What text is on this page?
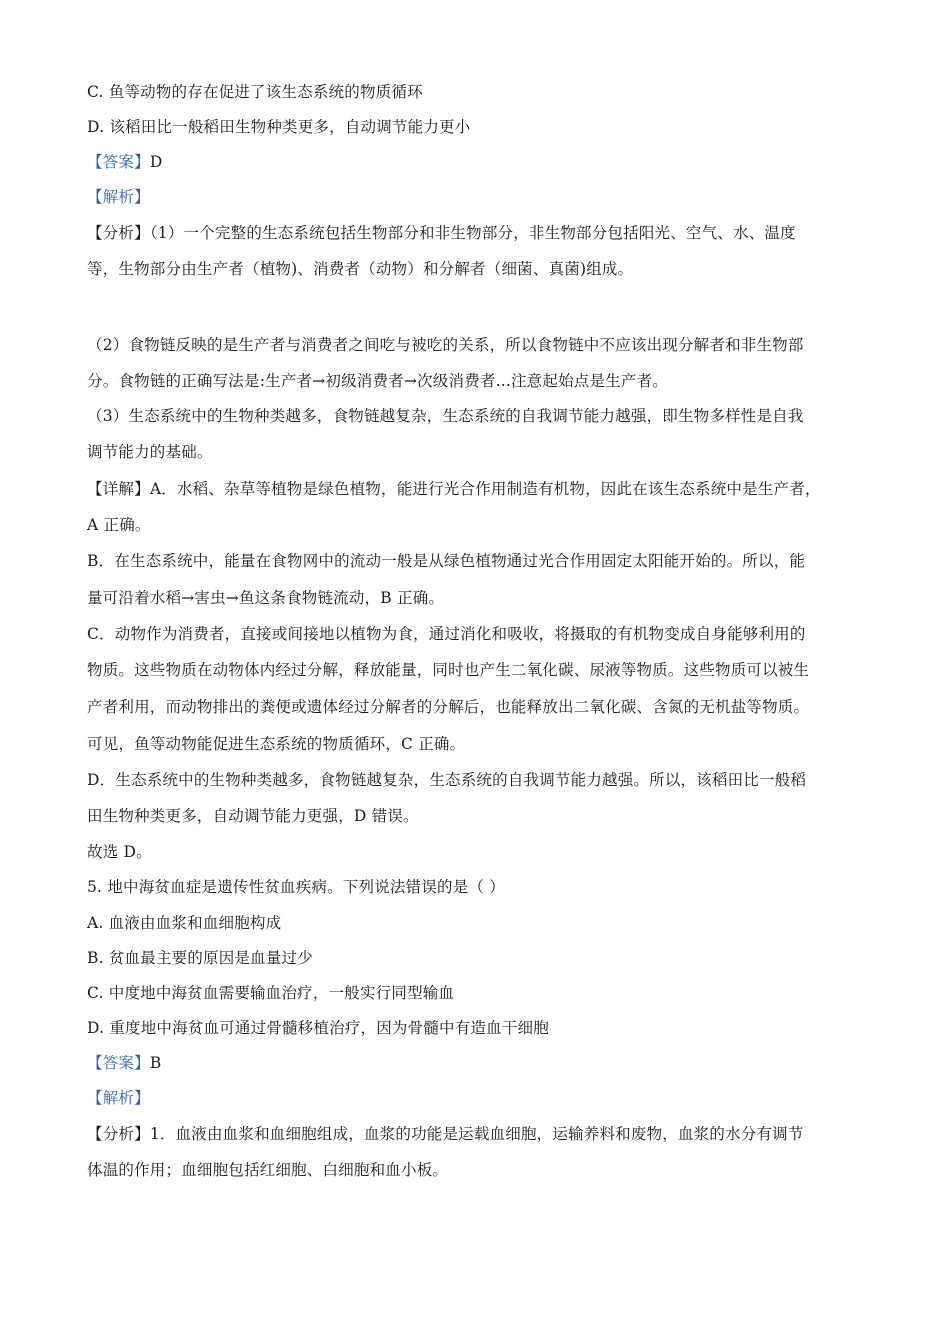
C. 鱼等动物的存在促进了该生态系统的物质循环
D. 该稻田比一般稻田生物种类更多，自动调节能力更小
【答案】D
【解析】
【分析】（1）一个完整的生态系统包括生物部分和非生物部分，非生物部分包括阳光、空气、水、温度
等，生物部分由生产者（植物)、消费者（动物）和分解者（细菌、真菌)组成。
（2）食物链反映的是生产者与消费者之间吃与被吃的关系，所以食物链中不应该出现分解者和非生物部
分。食物链的正确写法是:生产者→初级消费者→次级消费者...注意起始点是生产者。
（3）生态系统中的生物种类越多，食物链越复杂，生态系统的自我调节能力越强，即生物多样性是自我
调节能力的基础。
【详解】A．水稻、杂草等植物是绿色植物，能进行光合作用制造有机物，因此在该生态系统中是生产者，
A 正确。
B．在生态系统中，能量在食物网中的流动一般是从绿色植物通过光合作用固定太阳能开始的。所以，能
量可沿着水稻→害虫→鱼这条食物链流动，B 正确。
C．动物作为消费者，直接或间接地以植物为食，通过消化和吸收，将摄取的有机物变成自身能够利用的
物质。这些物质在动物体内经过分解，释放能量，同时也产生二氧化碳、尿液等物质。这些物质可以被生
产者利用，而动物排出的粪便或遗体经过分解者的分解后，也能释放出二氧化碳、含氮的无机盐等物质。
可见，鱼等动物能促进生态系统的物质循环，C 正确。
D．生态系统中的生物种类越多，食物链越复杂，生态系统的自我调节能力越强。所以，该稻田比一般稻
田生物种类更多，自动调节能力更强，D 错误。
故选 D。
5. 地中海贫血症是遗传性贫血疾病。下列说法错误的是（ ）
A. 血液由血浆和血细胞构成
B. 贫血最主要的原因是血量过少
C. 中度地中海贫血需要输血治疗，一般实行同型输血
D. 重度地中海贫血可通过骨髓移植治疗，因为骨髓中有造血干细胞
【答案】B
【解析】
【分析】1．血液由血浆和血细胞组成，血浆的功能是运载血细胞，运输养料和废物，血浆的水分有调节
体温的作用；血细胞包括红细胞、白细胞和血小板。
